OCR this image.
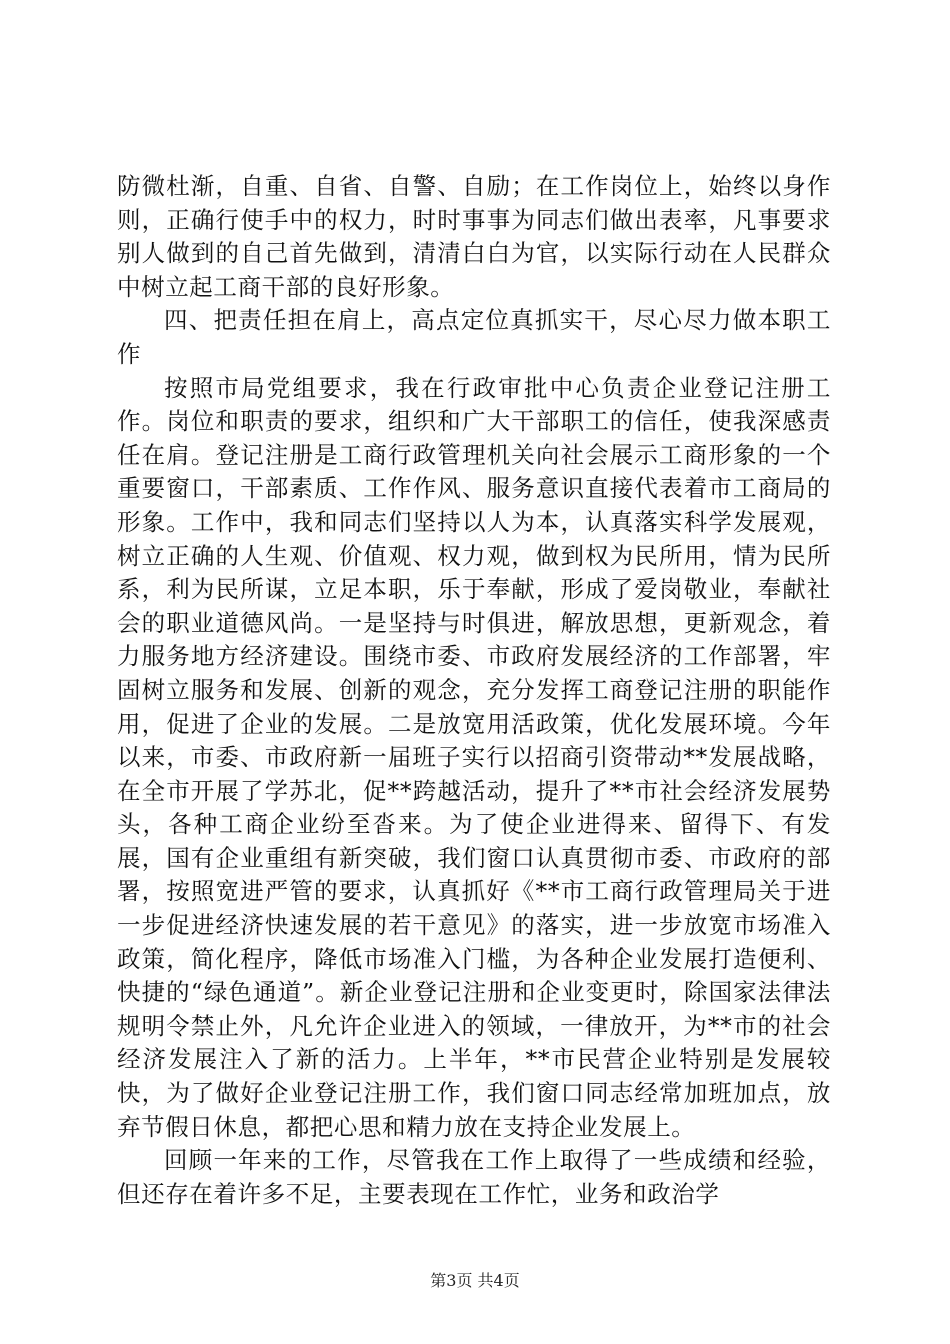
防微杜渐，自重、自省、自警、自励；在工作岗位上，始终以身作则，正确行使手中的权力，时时事事为同志们做出表率，凡事要求别人做到的自己首先做到，清清白白为官，以实际行动在人民群众中树立起工商干部的良好形象。

四、把责任担在肩上，高点定位真抓实干，尽心尽力做本职工作

按照市局党组要求，我在行政审批中心负责企业登记注册工作。岗位和职责的要求，组织和广大干部职工的信任，使我深感责任在肩。登记注册是工商行政管理机关向社会展示工商形象的一个重要窗口，干部素质、工作作风、服务意识直接代表着市工商局的形象。工作中，我和同志们坚持以人为本，认真落实科学发展观，树立正确的人生观、价值观、权力观，做到权为民所用，情为民所系，利为民所谋，立足本职，乐于奉献，形成了爱岗敬业，奉献社会的职业道德风尚。一是坚持与时俱进，解放思想，更新观念，着力服务地方经济建设。围绕市委、市政府发展经济的工作部署，牢固树立服务和发展、创新的观念，充分发挥工商登记注册的职能作用，促进了企业的发展。二是放宽用活政策，优化发展环境。今年以来，市委、市政府新一届班子实行以招商引资带动**发展战略，在全市开展了学苏北，促**跨越活动，提升了**市社会经济发展势头，各种工商企业纷至沓来。为了使企业进得来、留得下、有发展，国有企业重组有新突破，我们窗口认真贯彻市委、市政府的部署，按照宽进严管的要求，认真抓好《**市工商行政管理局关于进一步促进经济快速发展的若干意见》的落实，进一步放宽市场准入政策，简化程序，降低市场准入门槛，为各种企业发展打造便利、快捷的“绿色通道”。新企业登记注册和企业变更时，除国家法律法规明令禁止外，凡允许企业进入的领域，一律放开，为**市的社会经济发展注入了新的活力。上半年，**市民营企业特别是发展较快，为了做好企业登记注册工作，我们窗口同志经常加班加点，放弃节假日休息，都把心思和精力放在支持企业发展上。

回顾一年来的工作，尽管我在工作上取得了一些成绩和经验，但还存在着许多不足，主要表现在工作忙，业务和政治学

第3页 共4页
